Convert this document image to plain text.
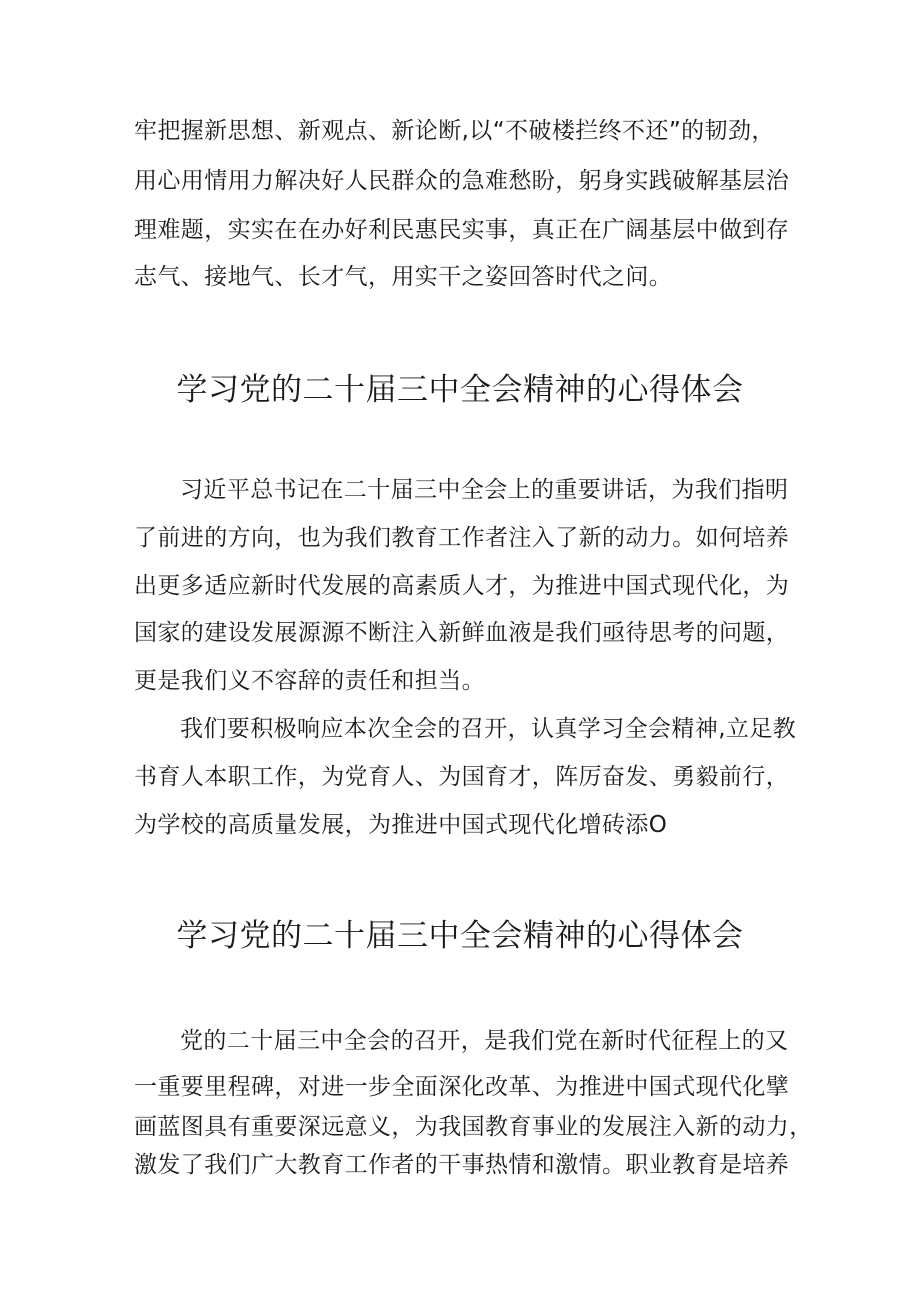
牢把握新思想、新观点、新论断,以“不破楼拦终不还”的韧劲，
用心用情用力解决好人民群众的急难愁盼，躬身实践破解基层治
理难题，实实在在办好利民惠民实事，真正在广阔基层中做到存
志气、接地气、长才气，用实干之姿回答时代之问。
学习党的二十届三中全会精神的心得体会
习近平总书记在二十届三中全会上的重要讲话，为我们指明
了前进的方向，也为我们教育工作者注入了新的动力。如何培养
出更多适应新时代发展的高素质人才，为推进中国式现代化，为
国家的建设发展源源不断注入新鲜血液是我们亟待思考的问题，
更是我们义不容辞的责任和担当。
我们要积极响应本次全会的召开，认真学习全会精神,立足教
书育人本职工作，为党育人、为国育才，阵厉奋发、勇毅前行，
为学校的高质量发展，为推进中国式现代化增砖添O
学习党的二十届三中全会精神的心得体会
党的二十届三中全会的召开，是我们党在新时代征程上的又
一重要里程碑，对进一步全面深化改革、为推进中国式现代化擘
画蓝图具有重要深远意义，为我国教育事业的发展注入新的动力，
激发了我们广大教育工作者的干事热情和激情。职业教育是培养
